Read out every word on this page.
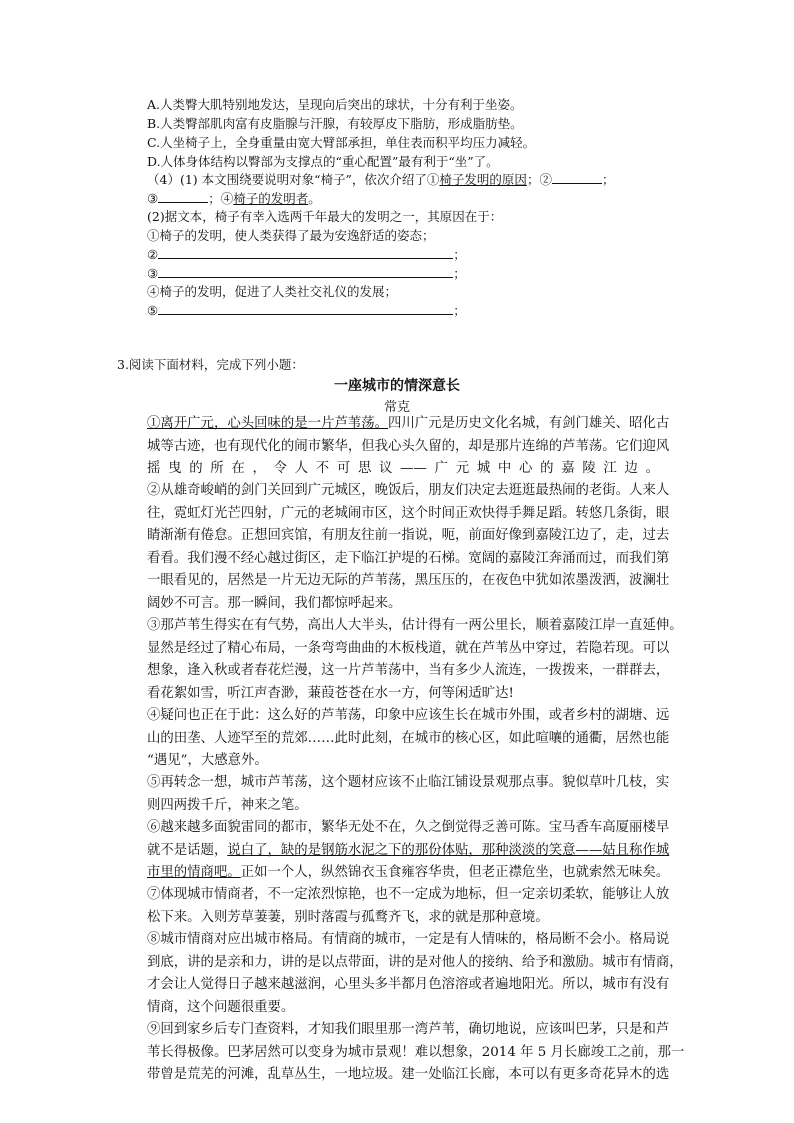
A.人类臀大肌特别地发达，呈现向后突出的球状，十分有利于坐姿。
B.人类臀部肌肉富有皮脂腺与汗腺，有较厚皮下脂肪，形成脂肪垫。
C.人坐椅子上，全身重量由宽大臂部承担，单住表而积平均压力减轻。
D.人体身体结构以臀部为支撑点的“重心配置”最有利于“坐”了。
（4）(1) 本文围绕要说明对象“椅子”，依次介绍了①椅子发明的原因；②	；
③	；④椅子的发明者。
(2)据文本，椅子有幸入选两千年最大的发明之一，其原因在于：
①椅子的发明，使人类获得了最为安逸舒适的姿态；
②	；
③	；
④椅子的发明，促进了人类社交礼仪的发展；
⑤	；
3.阅读下面材料，完成下列小题：
一座城市的情深意长
常克
①离开广元，心头回味的是一片芦苇荡。四川广元是历史文化名城，有剑门雄关、昭化古
城等古迹，也有现代化的闹市繁华，但我心头久留的，却是那片连绵的芦苇荡。它们迎风
摇曳的所在，令人不可思议——广元城中心的嘉陵江边。
②从雄奇峻峭的剑门关回到广元城区，晚饭后，朋友们决定去逛逛最热闹的老街。人来人
往，霓虹灯光芒四射，广元的老城闹市区，这个时间正欢快得手舞足蹈。转悠几条街，眼
睛渐渐有倦怠。正想回宾馆，有朋友往前一指说，呃，前面好像到嘉陵江边了，走，过去
看看。我们漫不经心越过街区，走下临江护堤的石梯。宽阔的嘉陵江奔涌而过，而我们第
一眼看见的，居然是一片无边无际的芦苇荡，黑压压的，在夜色中犹如浓墨泼洒，波澜壮
阔妙不可言。那一瞬间，我们都惊呼起来。
③那芦苇生得实在有气势，高出人大半头，估计得有一两公里长，顺着嘉陵江岸一直延伸。
显然是经过了精心布局，一条弯弯曲曲的木板栈道，就在芦苇丛中穿过，若隐若现。可以
想象，逢入秋或者春花烂漫，这一片芦苇荡中，当有多少人流连，一拨拨来，一群群去，
看花絮如雪，听江声杳渺，蒹葭苍苍在水一方，何等闲适旷达!
④疑问也正在于此：这么好的芦苇荡，印象中应该生长在城市外围，或者乡村的湖塘、远
山的田垄、人迹罕至的荒郊……此时此刻，在城市的核心区，如此喧嚷的通衢，居然也能
“遇见”，大感意外。
⑤再转念一想，城市芦苇荡，这个题材应该不止临江铺设景观那点事。貌似草叶几枝，实
则四两拨千斤，神来之笔。
⑥越来越多面貌雷同的都市，繁华无处不在，久之倒觉得乏善可陈。宝马香车高厦丽楼早
就不是话题，说白了，缺的是钢筋水泥之下的那份体贴，那种淡淡的笑意——姑且称作城
市里的情商吧。正如一个人，纵然锦衣玉食雍容华贵，但老正襟危坐，也就索然无味矣。
⑦体现城市情商者，不一定浓烈惊艳，也不一定成为地标，但一定亲切柔软，能够让人放
松下来。入则芳草萋萋，别时落霞与孤鹜齐飞，求的就是那种意境。
⑧城市情商对应出城市格局。有情商的城市，一定是有人情味的，格局断不会小。格局说
到底，讲的是亲和力，讲的是以点带面，讲的是对他人的接纳、给予和激励。城市有情商，
才会让人觉得日子越来越滋润，心里头多半都月色溶溶或者遍地阳光。所以，城市有没有
情商，这个问题很重要。
⑨回到家乡后专门查资料，才知我们眼里那一湾芦苇，确切地说，应该叫巴茅，只是和芦
苇长得极像。巴茅居然可以变身为城市景观！难以想象，2014 年 5 月长廊竣工之前，那一
带曾是荒芜的河滩，乱草丛生，一地垃圾。建一处临江长廊，本可以有更多奇花异木的选
